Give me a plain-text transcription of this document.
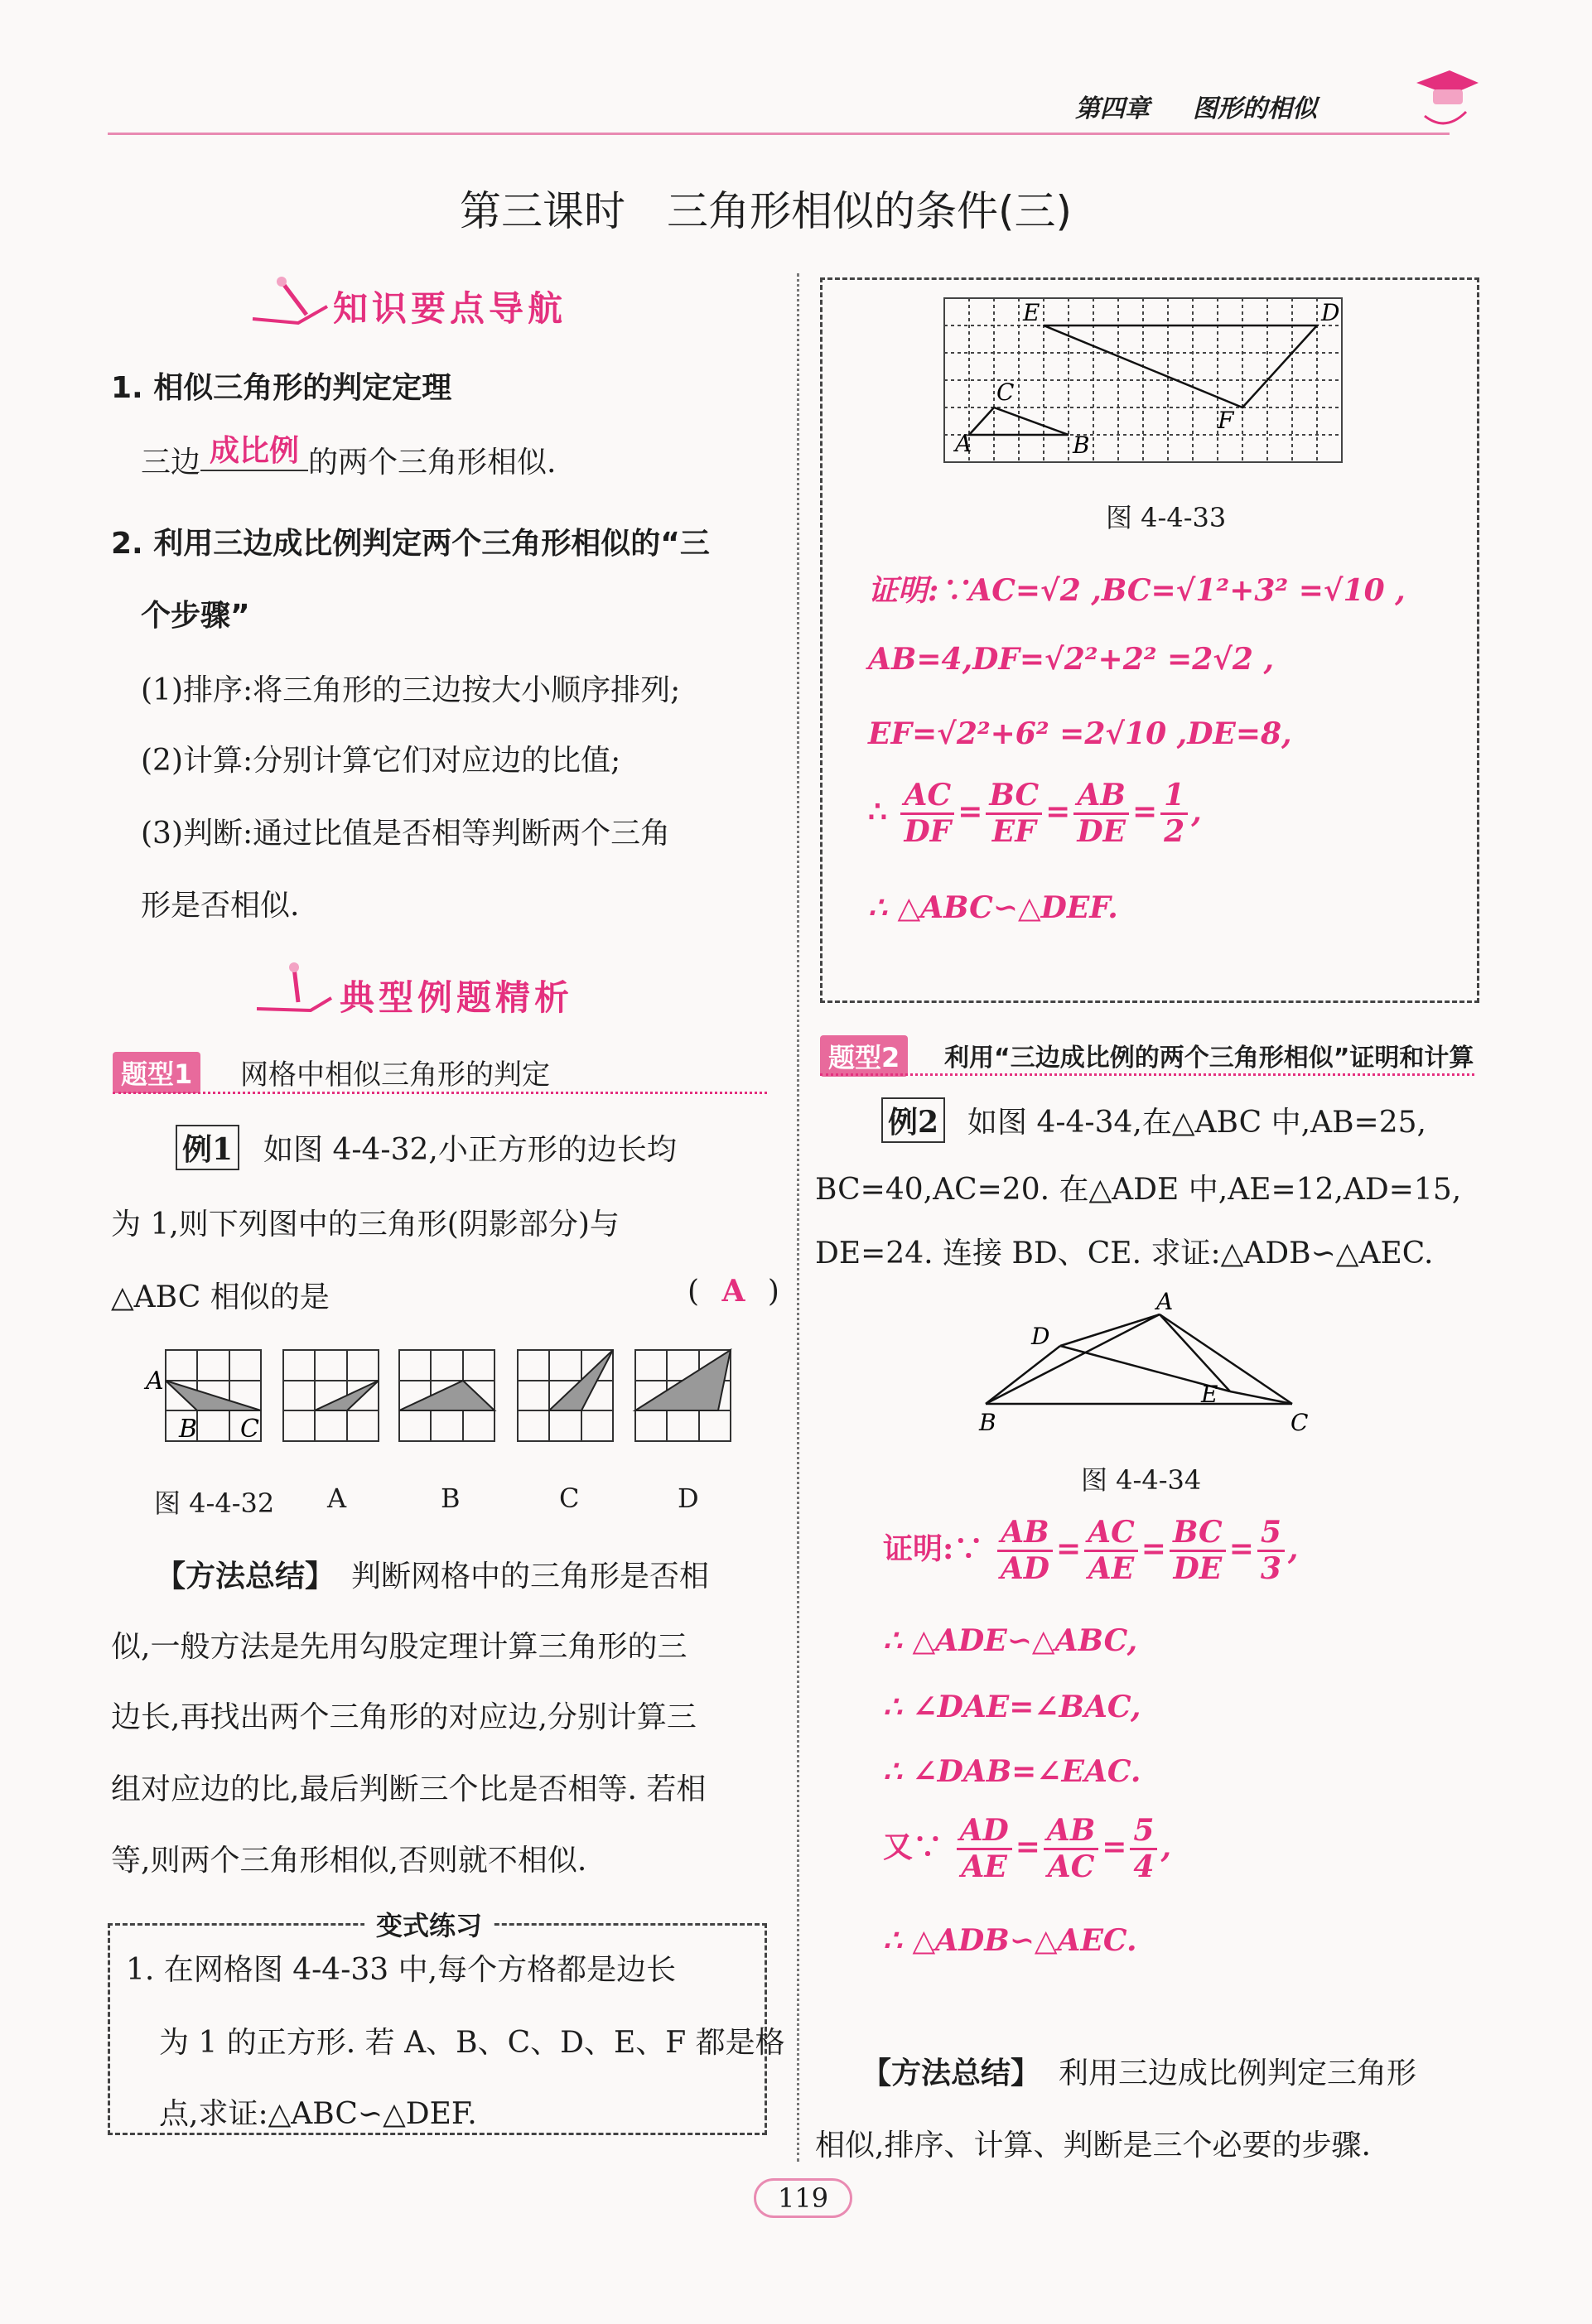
第四章 图形的相似
第三课时　三角形相似的条件(三)
知识要点导航
1. 相似三角形的判定定理
三边 成比例 的两个三角形相似.
2. 利用三边成比例判定两个三角形相似的“三
个步骤”
(1)排序:将三角形的三边按大小顺序排列;
(2)计算:分别计算它们对应边的比值;
(3)判断:通过比值是否相等判断两个三角
形是否相似.
典型例题精析
题型1 网格中相似三角形的判定
例1 如图 4-4-32,小正方形的边长均
为 1,则下列图中的三角形(阴影部分)与
△ABC 相似的是	( A )
A
B C
图 4-4-32 A	B	C	D
【方法总结】 判断网格中的三角形是否相
似,一般方法是先用勾股定理计算三角形的三
边长,再找出两个三角形的对应边,分别计算三
组对应边的比,最后判断三个比是否相等. 若相
等,则两个三角形相似,否则就不相似.
变式练习
1. 在网格图 4-4-33 中,每个方格都是边长
为 1 的正方形. 若 A、B、C、D、E、F 都是格
点,求证:△ABC∽△DEF.
A	B
C
D
E
F
图 4-4-33
证明:∵AC=√2 ,BC=√1²+3² =√10 ,
AB=4,DF=√2²+2² =2√2 ,
EF=√2²+6² =2√10 ,DE=8,
∴ $\frac{AC}{DF} = \frac{BC}{EF} = \frac{AB}{DE} = \frac{1}{2}$ ,
∴ △ABC∽△DEF.
题型2	利用“三边成比例的两个三角形相似”证明和计算
例2 如图 4-4-34,在△ABC 中,AB=25,
BC=40,AC=20. 在△ADE 中,AE=12,AD=15,
DE=24. 连接 BD、CE. 求证:△ADB∽△AEC.
A
B	C
D
E
图 4-4-34
证明:∵ $\frac{AB}{AD} = \frac{AC}{AE} = \frac{BC}{DE} = \frac{5}{3}$ ,
∴ △ADE∽△ABC,
∴ ∠DAE=∠BAC,
∴ ∠DAB=∠EAC.
又∵ $\frac{AD}{AE} = \frac{AB}{AC} = \frac{5}{4}$ ,
∴ △ADB∽△AEC.
【方法总结】 利用三边成比例判定三角形
相似,排序、计算、判断是三个必要的步骤.
119
